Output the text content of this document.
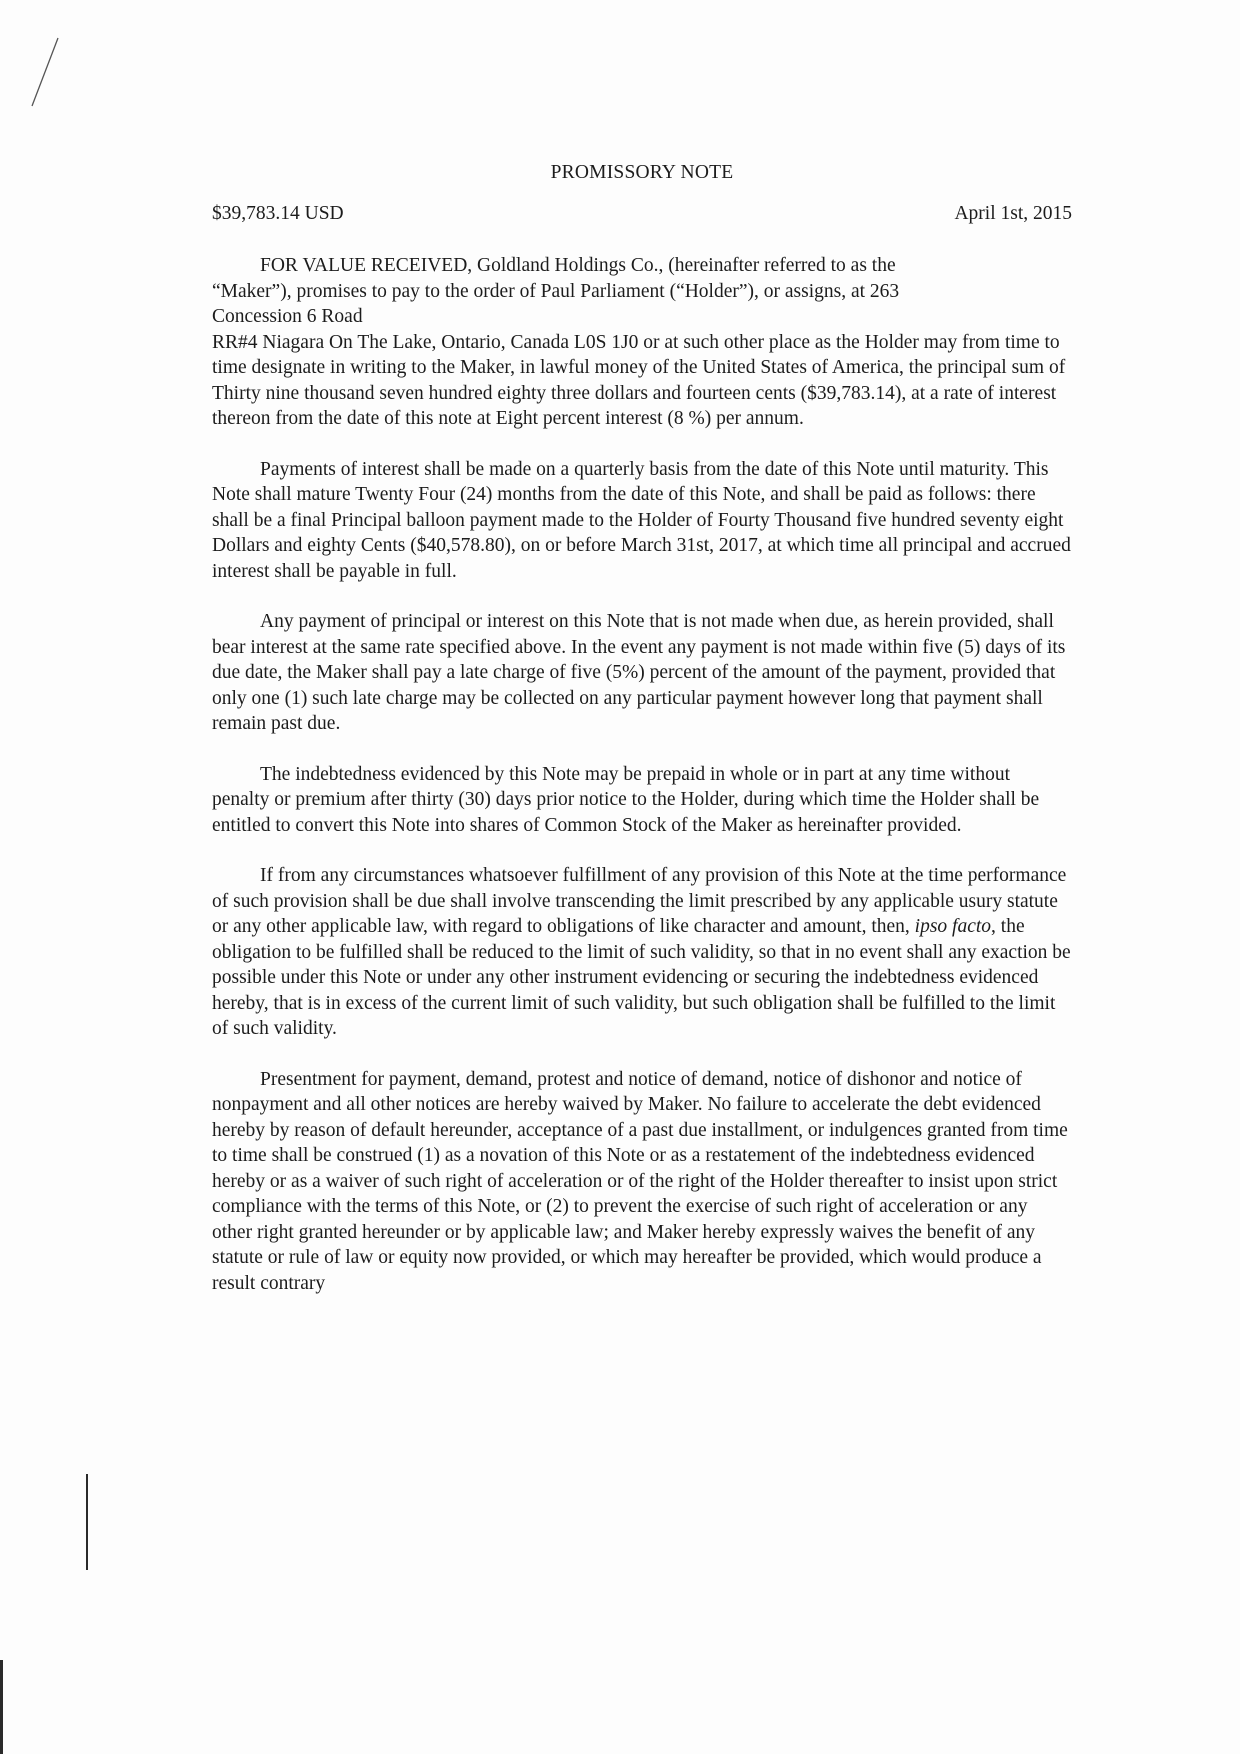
PROMISSORY NOTE
$39,783.14 USD	April 1st, 2015
FOR VALUE RECEIVED, Goldland Holdings Co., (hereinafter referred to as the
“Maker”), promises to pay to the order of Paul Parliament (“Holder”), or assigns, at 263
Concession 6 Road
RR#4 Niagara On The Lake, Ontario, Canada L0S 1J0 or at such other place as the Holder may from time to time designate in writing to the Maker, in lawful money of the United States of America, the principal sum of Thirty nine thousand seven hundred eighty three dollars and fourteen cents ($39,783.14), at a rate of interest thereon from the date of this note at Eight percent interest (8 %) per annum.

Payments of interest shall be made on a quarterly basis from the date of this Note until maturity. This Note shall mature Twenty Four (24) months from the date of this Note, and shall be paid as follows: there shall be a final Principal balloon payment made to the Holder of Fourty Thousand five hundred seventy eight Dollars and eighty Cents ($40,578.80), on or before March 31st, 2017, at which time all principal and accrued interest shall be payable in full.

Any payment of principal or interest on this Note that is not made when due, as herein provided, shall bear interest at the same rate specified above. In the event any payment is not made within five (5) days of its due date, the Maker shall pay a late charge of five (5%) percent of the amount of the payment, provided that only one (1) such late charge may be collected on any particular payment however long that payment shall remain past due.

The indebtedness evidenced by this Note may be prepaid in whole or in part at any time without penalty or premium after thirty (30) days prior notice to the Holder, during which time the Holder shall be entitled to convert this Note into shares of Common Stock of the Maker as hereinafter provided.

If from any circumstances whatsoever fulfillment of any provision of this Note at the time performance of such provision shall be due shall involve transcending the limit prescribed by any applicable usury statute or any other applicable law, with regard to obligations of like character and amount, then, ipso facto, the obligation to be fulfilled shall be reduced to the limit of such validity, so that in no event shall any exaction be possible under this Note or under any other instrument evidencing or securing the indebtedness evidenced hereby, that is in excess of the current limit of such validity, but such obligation shall be fulfilled to the limit of such validity.

Presentment for payment, demand, protest and notice of demand, notice of dishonor and notice of nonpayment and all other notices are hereby waived by Maker. No failure to accelerate the debt evidenced hereby by reason of default hereunder, acceptance of a past due installment, or indulgences granted from time to time shall be construed (1) as a novation of this Note or as a restatement of the indebtedness evidenced hereby or as a waiver of such right of acceleration or of the right of the Holder thereafter to insist upon strict compliance with the terms of this Note, or (2) to prevent the exercise of such right of acceleration or any other right granted hereunder or by applicable law; and Maker hereby expressly waives the benefit of any statute or rule of law or equity now provided, or which may hereafter be provided, which would produce a result contrary
